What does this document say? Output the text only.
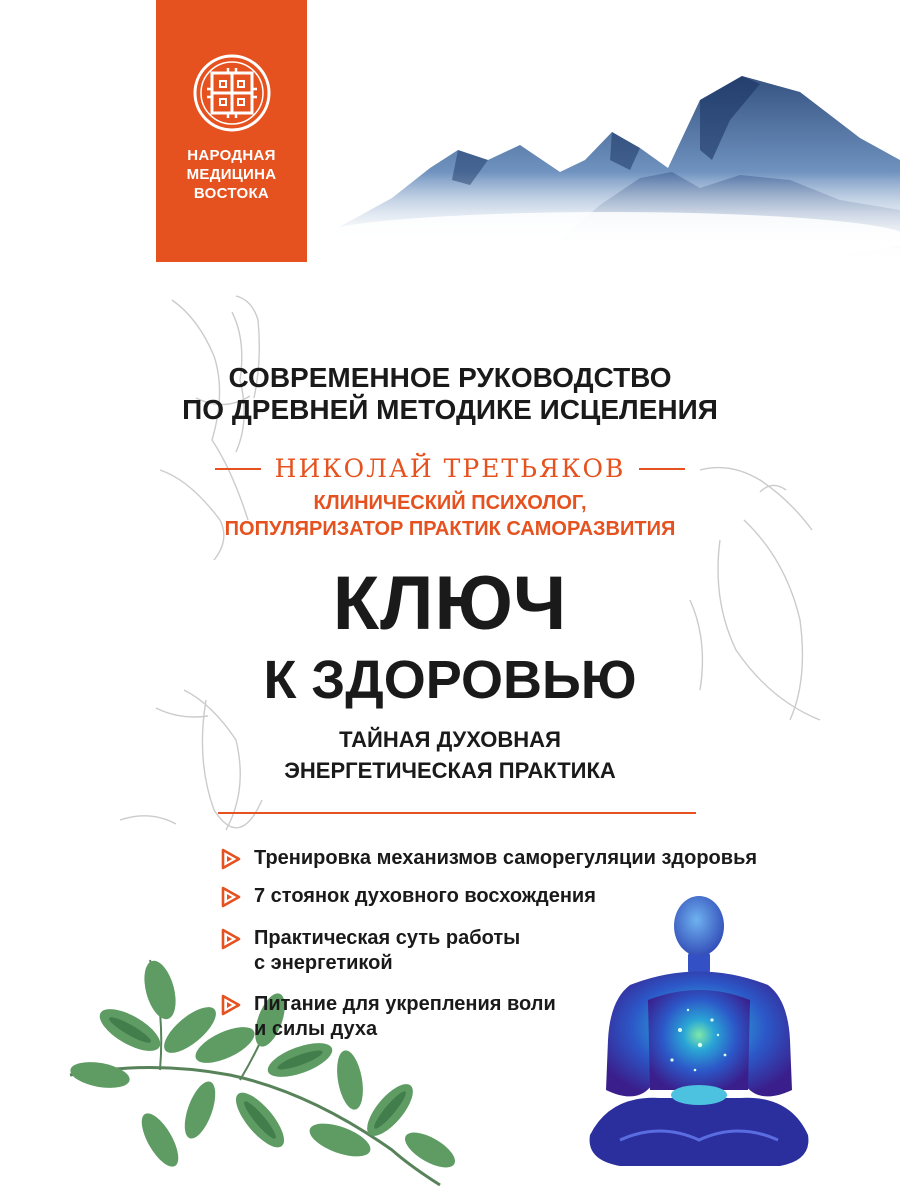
НАРОДНАЯ
МЕДИЦИНА
ВОСТОКА
СОВРЕМЕННОЕ РУКОВОДСТВО
ПО ДРЕВНЕЙ МЕТОДИКЕ ИСЦЕЛЕНИЯ
НИКОЛАЙ ТРЕТЬЯКОВ
КЛИНИЧЕСКИЙ ПСИХОЛОГ,
ПОПУЛЯРИЗАТОР ПРАКТИК САМОРАЗВИТИЯ
КЛЮЧ
К ЗДОРОВЬЮ
ТАЙНАЯ ДУХОВНАЯ
ЭНЕРГЕТИЧЕСКАЯ ПРАКТИКА
Тренировка механизмов саморегуляции здоровья
7 стоянок духовного восхождения
Практическая суть работы
с энергетикой
Питание для укрепления воли
и силы духа
